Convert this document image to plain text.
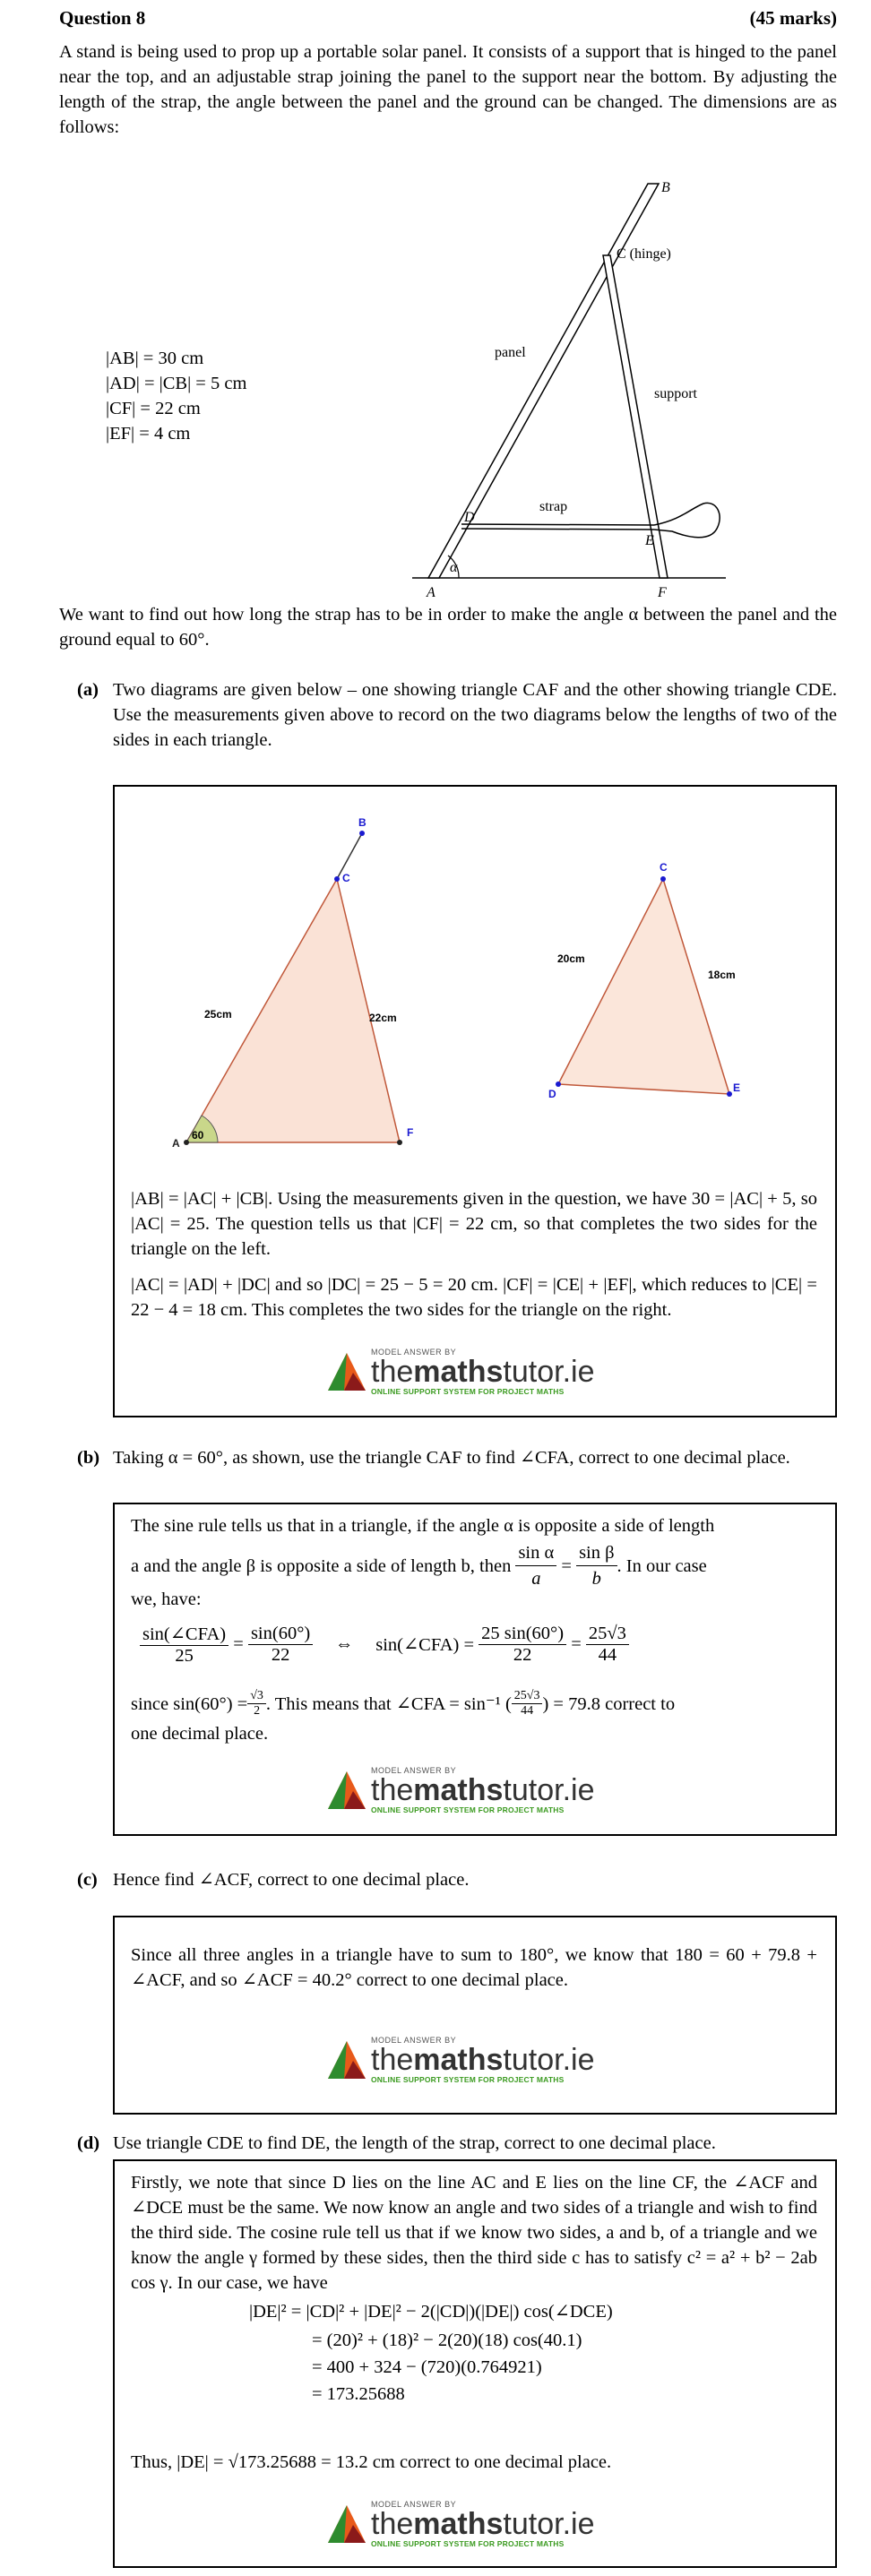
Question 8	(45 marks)
A stand is being used to prop up a portable solar panel. It consists of a support that is hinged to the panel near the top, and an adjustable strap joining the panel to the support near the bottom. By adjusting the length of the strap, the angle between the panel and the ground can be changed. The dimensions are as follows:
|AB| = 30 cm
|AD| = |CB| = 5 cm
|CF| = 22 cm
|EF| = 4 cm
B
C (hinge)
panel
support
strap
D
E
α
A	F
We want to find out how long the strap has to be in order to make the angle α between the panel and the ground equal to 60°.
(a) Two diagrams are given below – one showing triangle CAF and the other showing triangle CDE. Use the measurements given above to record on the two diagrams below the lengths of two of the sides in each triangle.
B
C
A
F
25cm	22cm
60
C
D	E
20cm
18cm
|AB| = |AC| + |CB|. Using the measurements given in the question, we have 30 = |AC| + 5, so |AC| = 25. The question tells us that |CF| = 22 cm, so that completes the two sides for the triangle on the left.
|AC| = |AD| + |DC| and so |DC| = 25 − 5 = 20 cm. |CF| = |CE| + |EF|, which reduces to |CE| = 22 − 4 = 18 cm. This completes the two sides for the triangle on the right.
MODEL ANSWER BY
themathstutor.ie
ONLINE SUPPORT SYSTEM FOR PROJECT MATHS
(b) Taking α = 60°, as shown, use the triangle CAF to find ∠CFA, correct to one decimal place.
The sine rule tells us that in a triangle, if the angle α is opposite a side of length
a and the angle β is opposite a side of length b, then
$\frac{\text{sin α}}{a} = \frac{\text{sin β}}{b}$ . In our case
we, have:
$\frac{\text{sin(∠CFA)}}{25} = \frac{\sin(60^\circ)}{22}$	⇔	sin(∠CFA) =
$\frac{25 \sin(60^\circ)}{22} = \frac{25√3}{44}$
since $\sin(60^\circ) = \frac{√3}{2}$ . This means that ∠CFA = sin⁻¹ ( $\frac{25√3}{44}$ ) = 79.8 correct to
one decimal place.
MODEL ANSWER BY
themathstutor.ie
ONLINE SUPPORT SYSTEM FOR PROJECT MATHS
(c) Hence find ∠ACF, correct to one decimal place.
Since all three angles in a triangle have to sum to 180°, we know that 180 = 60 + 79.8 + ∠ACF, and so ∠ACF = 40.2° correct to one decimal place.
MODEL ANSWER BY
themathstutor.ie
ONLINE SUPPORT SYSTEM FOR PROJECT MATHS
(d) Use triangle CDE to find DE, the length of the strap, correct to one decimal place.
Firstly, we note that since D lies on the line AC and E lies on the line CF, the ∠ACF and ∠DCE must be the same. We now know an angle and two sides of a triangle and wish to find the third side. The cosine rule tell us that if we know two sides, a and b, of a triangle and we know the angle γ formed by these sides, then the third side c has to satisfy c² = a² + b² − 2ab cos γ. In our case, we have
|DE|² = |CD|² + |DE|² − 2(|CD|)(|DE|) cos(∠DCE)
= (20)² + (18)² − 2(20)(18) cos(40.1)
= 400 + 324 − (720)(0.764921)
= 173.25688
Thus, |DE| = √173.25688 = 13.2 cm correct to one decimal place.
MODEL ANSWER BY
themathstutor.ie
ONLINE SUPPORT SYSTEM FOR PROJECT MATHS
